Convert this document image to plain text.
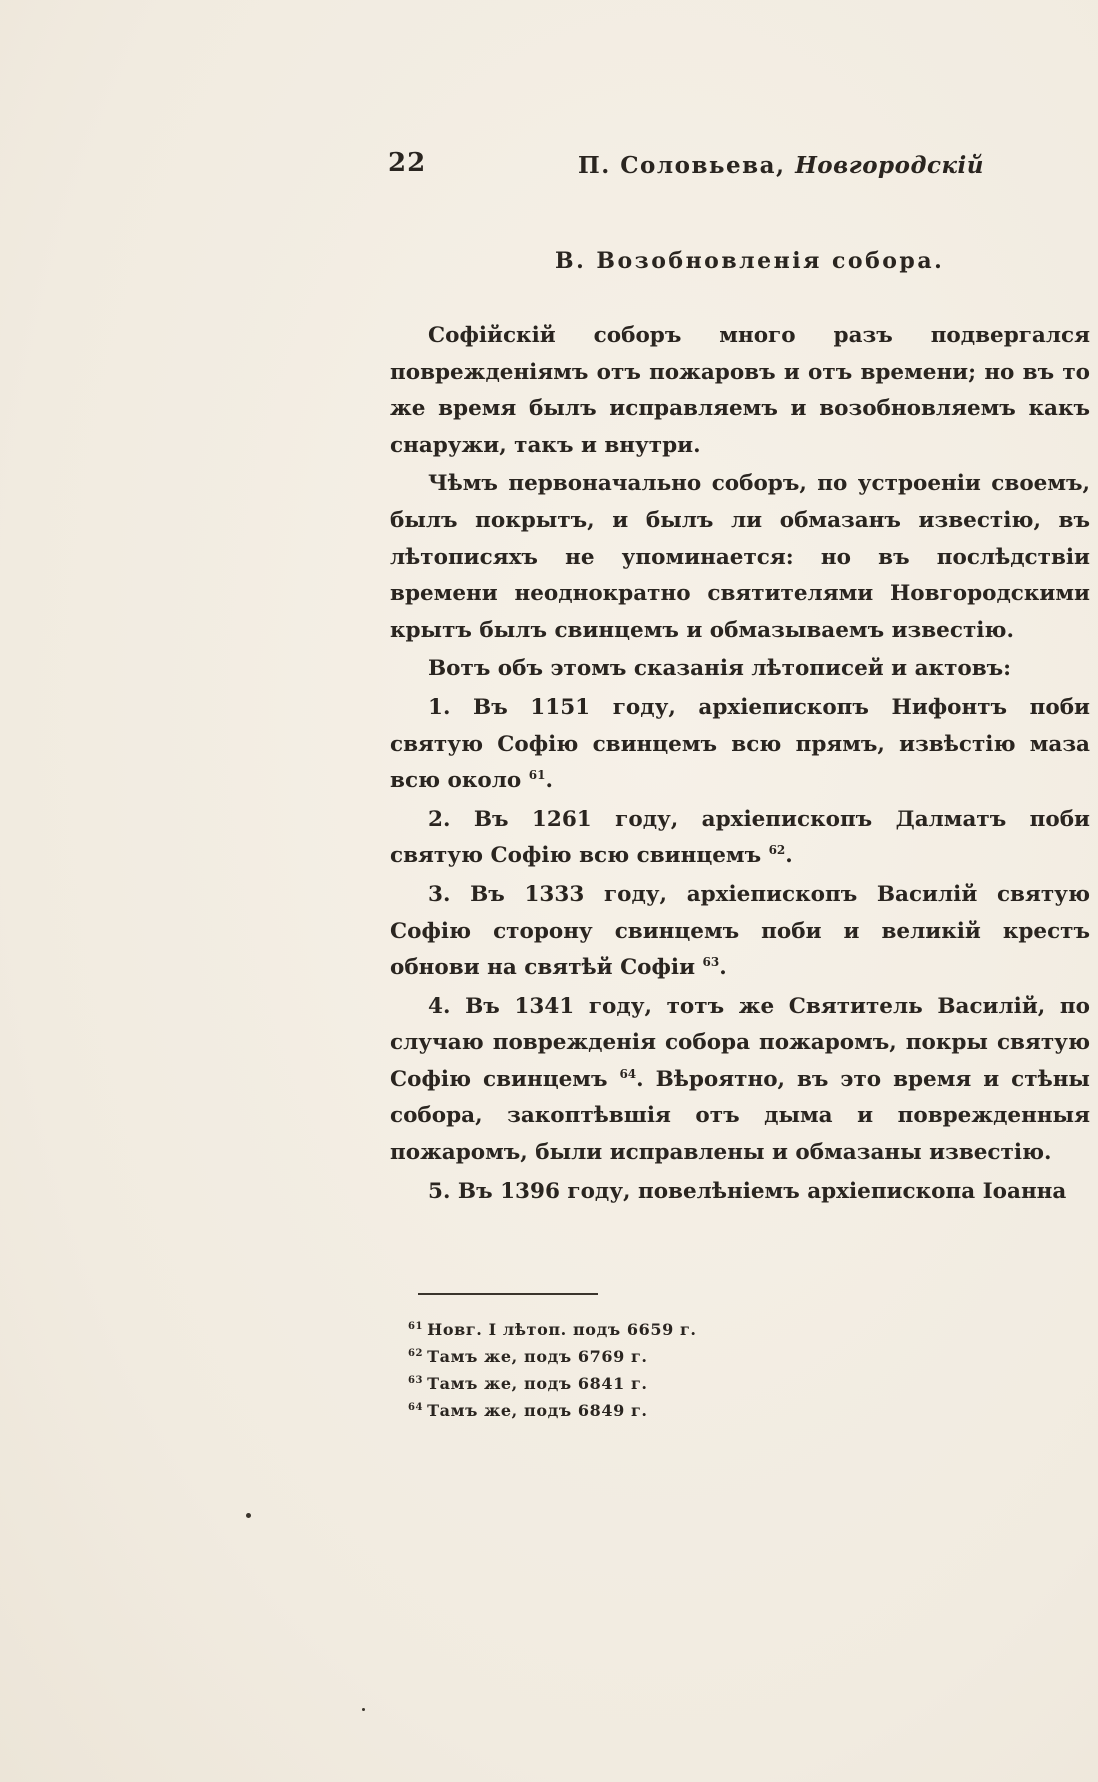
22	П. Соловьева, Новгородскій
В. Возобновленія собора.

Софійскій соборъ много разъ подвергался поврежденіямъ отъ пожаровъ и отъ времени; но въ то же время былъ исправляемъ и возобновляемъ какъ снаружи, такъ и внутри.

Чѣмъ первоначально соборъ, по устроеніи своемъ, былъ покрытъ, и былъ ли обмазанъ известію, въ лѣтописяхъ не упоминается: но въ послѣдствіи времени неоднократно святителями Новгородскими крытъ былъ свинцемъ и обмазываемъ известію.

Вотъ объ этомъ сказанія лѣтописей и актовъ:

1. Въ 1151 году, архіепископъ Нифонтъ поби святую Софію свинцемъ всю прямъ, извѣстію маза всю около $^{61}$.

2. Въ 1261 году, архіепископъ Далматъ поби святую Софію всю свинцемъ $^{62}$.

3. Въ 1333 году, архіепископъ Василій святую Софію сторону свинцемъ поби и великій крестъ обнови на святѣй Софіи $^{63}$.

4. Въ 1341 году, тотъ же Святитель Василій, по случаю поврежденія собора пожаромъ, покры святую Софію свинцемъ $^{64}$. Вѣроятно, въ это время и стѣны собора, закоптѣвшія отъ дыма и поврежденныя пожаромъ, были исправлены и обмазаны известію.

5. Въ 1396 году, повелѣніемъ архіепископа Іоанна

$^{61}$ Новг. I лѣтоп. подъ 6659 г.
$^{62}$ Тамъ же, подъ 6769 г.
$^{63}$ Тамъ же, подъ 6841 г.
$^{64}$ Тамъ же, подъ 6849 г.
